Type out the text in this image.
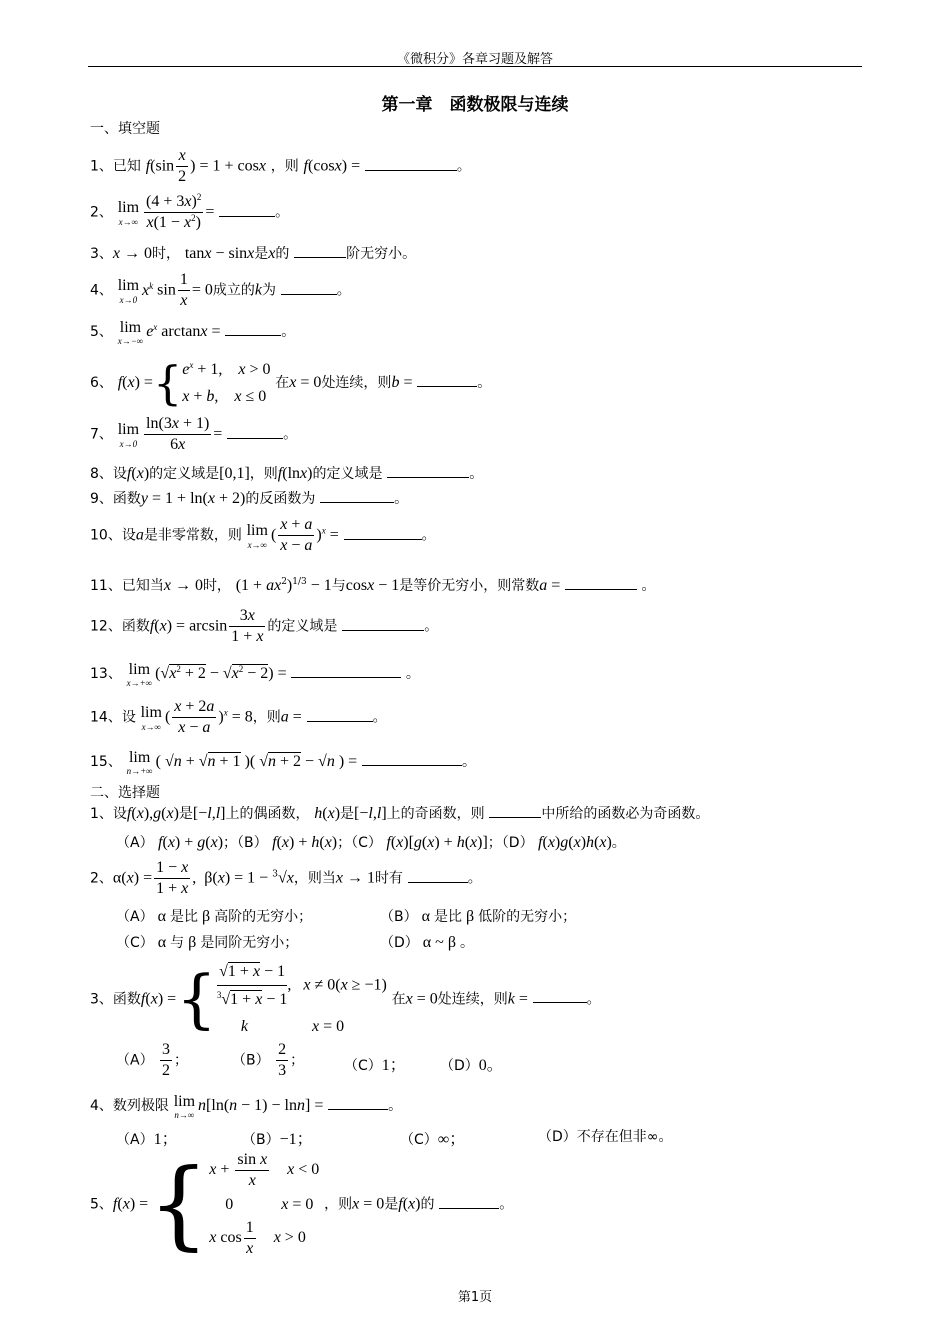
《微积分》各章习题及解答
第一章　函数极限与连续
一、填空题
1、已知 $f(\sin \frac{x}{2}$ ) = 1 + cosx ，则 f(cosx) =	。
2、 lim
$x\to\infty \frac{(4 + 3x)^2}{x(1 - x^2)}$ =	。
3、x → 0时， tanx − sinx是x的	阶无穷小。
4、 lim
x→0
$x^k$ $\sin \frac{1}{x} = 0$成立的k为	。
5、 lim
x→−∞
$e^x$ arctanx =	。
6、 f(x) ={ $e^x + 1$,    x > 0
x + b,    x ≤ 0
在x = 0处连续，则b =	。
7、 lim
$x\to 0 \frac{\ln(3x + 1)}{6x}$ =	。
8、设f(x)的定义域是[0,1]，则f(lnx)的定义域是	。
9、函数y = 1 + ln(x + 2)的反函数为	。
10、设a是非零常数，则 lim
x→∞
( $\frac{x + a}{x - a} )^x$ =	。
11、已知当x → 0时， $(1 + ax^2)^{1/3} - 1$与cosx − 1是等价无穷小，则常数a =	。
12、函数$f(x) = \arcsin \frac{3x}{1 + x}$ 的定义域是	。
13、 lim
x→+∞
$(√x^2 + 2 - √x^2 - 2)$ =	。
14、设 lim
x→∞
( $\frac{x + 2a}{x - a} )^x = 8$，则a =	。
15、 lim
n→+∞
( √n + √n + 1 )( √n + 2 − √n ) =	。
二、选择题
1、设f(x),g(x)是[−l,l]上的偶函数， h(x)是[−l,l]上的奇函数，则	中所给的函数必为奇函数。
（A） f(x) + g(x)；（B） f(x) + h(x)；（C） f(x)[g(x) + h(x)]；（D） f(x)g(x)h(x)。
2、$\alpha(x) = \frac{1 - x}{1 + x}$ ,  β(x) = 1 − $^3$√x，则当x → 1时有	。
（A） α 是比 β 高阶的无穷小；	（B） α 是比 β 低阶的无穷小；
（C） α 与 β 是同阶无穷小；	（D） α ~ β 。
3、函数f(x) ={ $\frac{√1 + x - 1}{^3√1 + x - 1}$ ,   x ≠ 0(x ≥ −1)
k	x = 0
在x = 0处连续，则k =	。
$(A) \frac{3}{2}$ ；	$(B) \frac{2}{3}$ ；	（C）1； （D）0。
4、数列极限 lim
n→∞
n[ln(n − 1) − lnn] =	。
（A）1；	（B）−1；	（C）∞；	（D）不存在但非∞。
5、f(x) ={ $x + \frac{\text{sin x}}{x}$ x < 0
0            x = 0
x $\cos \frac{1}{x}$ x > 0
，则x = 0是f(x)的	。
第1页
